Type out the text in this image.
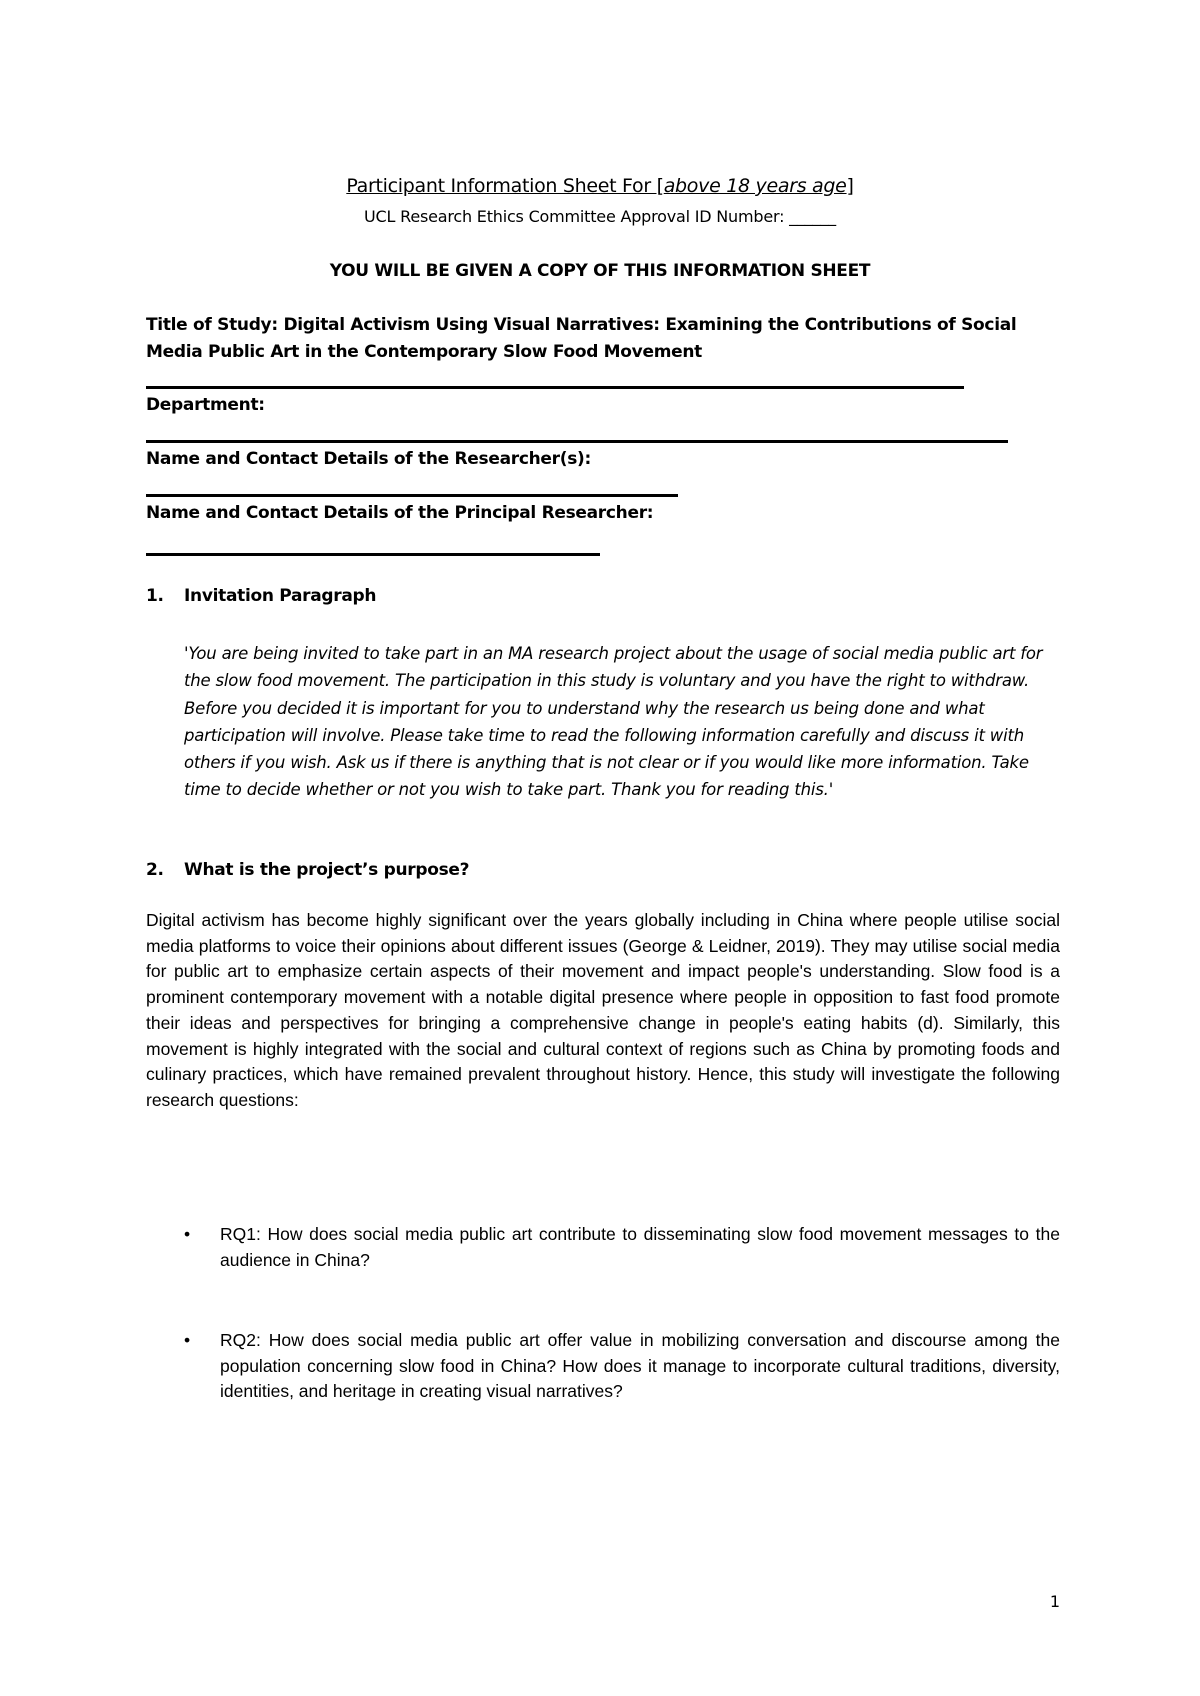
Participant Information Sheet For [above 18 years age]
UCL Research Ethics Committee Approval ID Number: ______
YOU WILL BE GIVEN A COPY OF THIS INFORMATION SHEET
Title of Study: Digital Activism Using Visual Narratives: Examining the Contributions of Social
Media Public Art in the Contemporary Slow Food Movement
Department:
Name and Contact Details of the Researcher(s):
Name and Contact Details of the Principal Researcher:
1. Invitation Paragraph
'You are being invited to take part in an MA research project about the usage of social media public art for the slow food movement. The participation in this study is voluntary and you have the right to withdraw. Before you decided it is important for you to understand why the research us being done and what participation will involve. Please take time to read the following information carefully and discuss it with others if you wish. Ask us if there is anything that is not clear or if you would like more information. Take time to decide whether or not you wish to take part. Thank you for reading this.'
2. What is the project’s purpose?
Digital activism has become highly significant over the years globally including in China where people utilise social media platforms to voice their opinions about different issues (George & Leidner, 2019). They may utilise social media for public art to emphasize certain aspects of their movement and impact people's understanding. Slow food is a prominent contemporary movement with a notable digital presence where people in opposition to fast food promote their ideas and perspectives for bringing a comprehensive change in people's eating habits (d). Similarly, this movement is highly integrated with the social and cultural context of regions such as China by promoting foods and culinary practices, which have remained prevalent throughout history. Hence, this study will investigate the following research questions:
•	RQ1: How does social media public art contribute to disseminating slow food movement messages to the audience in China?
•	RQ2: How does social media public art offer value in mobilizing conversation and discourse among the population concerning slow food in China? How does it manage to incorporate cultural traditions, diversity, identities, and heritage in creating visual narratives?
1
